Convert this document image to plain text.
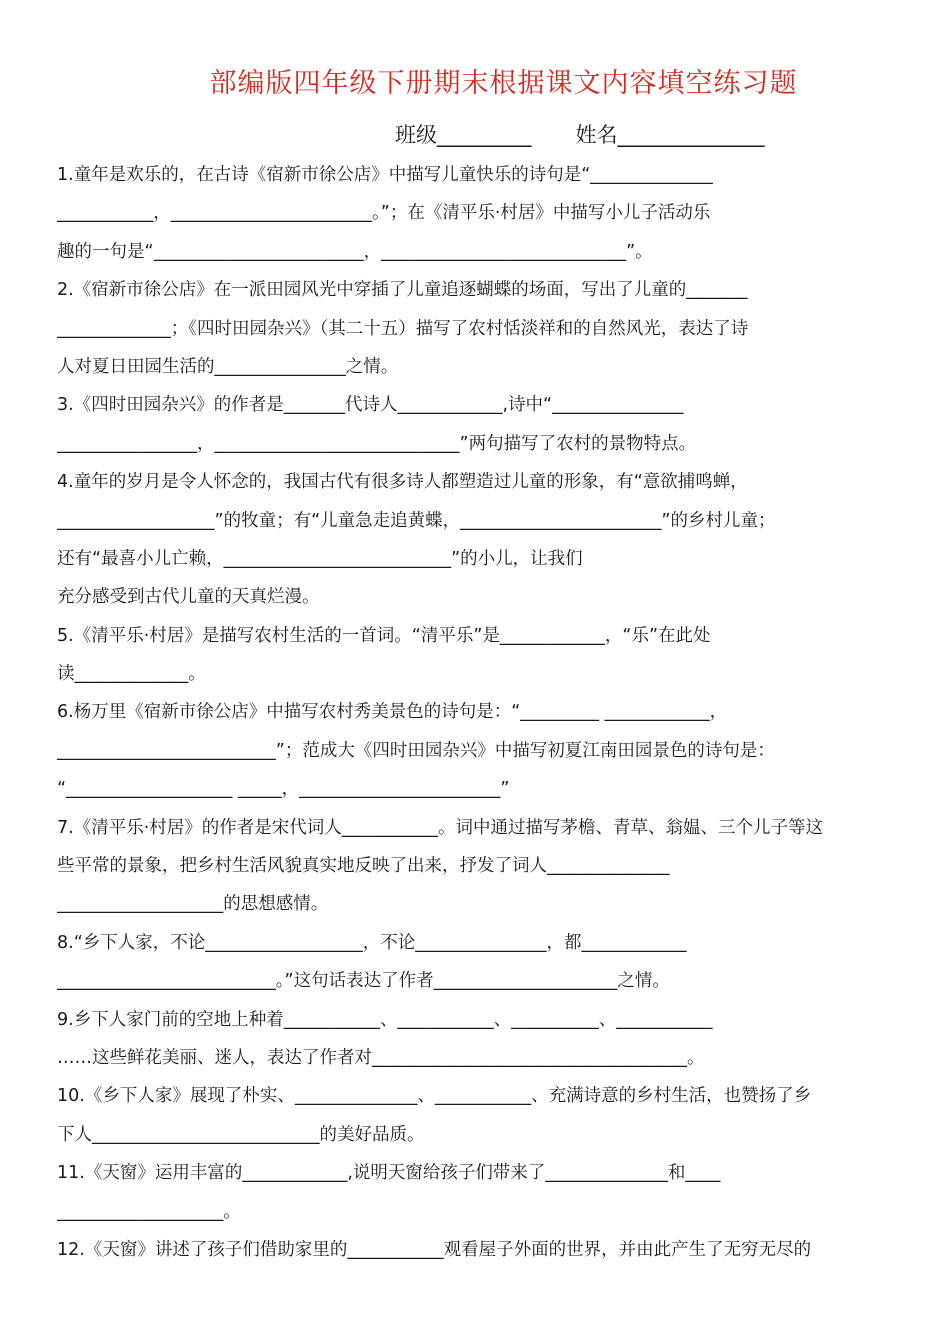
部编版四年级下册期末根据课文内容填空练习题
班级_________ 姓名______________
1.童年是欢乐的，在古诗《宿新市徐公店》中描写儿童快乐的诗句是“______________
___________，_______________________。”；在《清平乐·村居》中描写小儿子活动乐
趣的一句是“________________________，____________________________”。
2.《宿新市徐公店》在一派田园风光中穿插了儿童追逐蝴蝶的场面，写出了儿童的_______
_____________；《四时田园杂兴》（其二十五）描写了农村恬淡祥和的自然风光，表达了诗
人对夏日田园生活的_______________之情。
3.《四时田园杂兴》的作者是_______代诗人____________,诗中“_______________
________________，____________________________”两句描写了农村的景物特点。
4.童年的岁月是令人怀念的，我国古代有很多诗人都塑造过儿童的形象，有“意欲捕鸣蝉，
__________________”的牧童；有“儿童急走追黄蝶，_______________________”的乡村儿童；
还有“最喜小儿亡赖，__________________________”的小儿，让我们
充分感受到古代儿童的天真烂漫。
5.《清平乐·村居》是描写农村生活的一首词。“清平乐”是____________，“乐”在此处
读_____________。
6.杨万里《宿新市徐公店》中描写农村秀美景色的诗句是：“_________ ____________，
_________________________”；范成大《四时田园杂兴》中描写初夏江南田园景色的诗句是：
“___________________ _____，_______________________”
7.《清平乐·村居》的作者是宋代词人___________。词中通过描写茅檐、青草、翁媪、三个儿子等这
些平常的景象，把乡村生活风貌真实地反映了出来，抒发了词人______________
___________________的思想感情。
8.“乡下人家，不论__________________，不论_______________，都____________
_________________________。”这句话表达了作者_____________________之情。
9.乡下人家门前的空地上种着___________、___________、__________、___________
……这些鲜花美丽、迷人，表达了作者对____________________________________。
10.《乡下人家》展现了朴实、______________、___________、充满诗意的乡村生活，也赞扬了乡
下人__________________________的美好品质。
11.《天窗》运用丰富的____________,说明天窗给孩子们带来了______________和____
___________________。
12.《天窗》讲述了孩子们借助家里的___________观看屋子外面的世界，并由此产生了无穷无尽的
